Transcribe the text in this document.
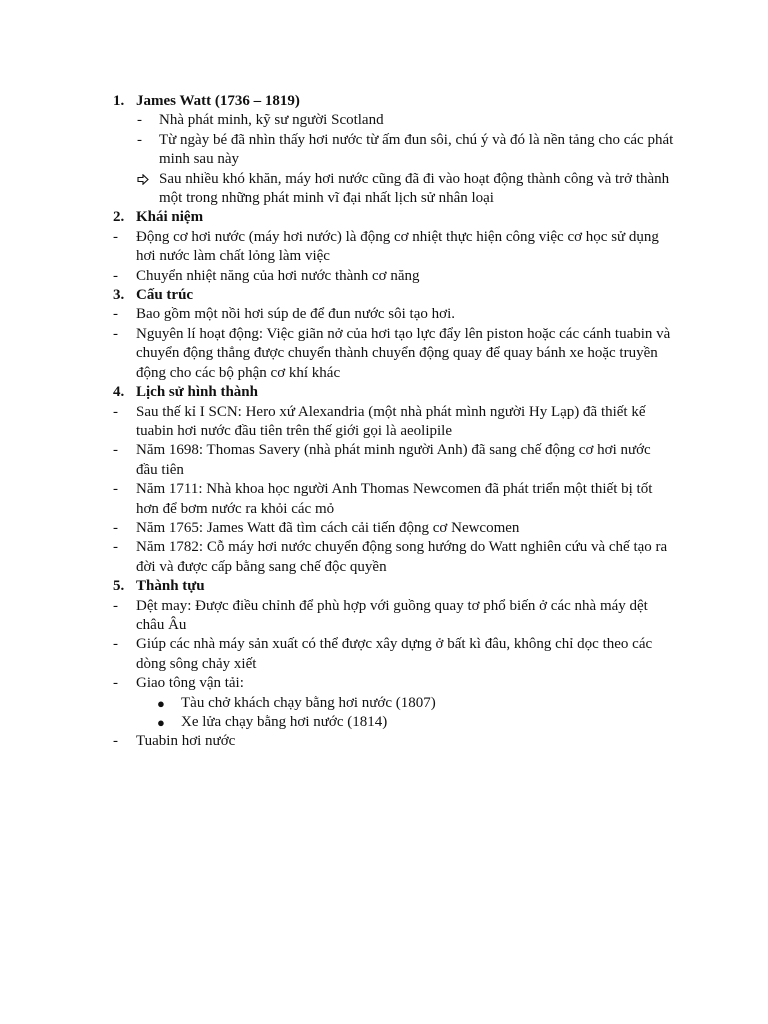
1. James Watt (1736 – 1819)
- Nhà phát minh, kỹ sư người Scotland
- Từ ngày bé đã nhìn thấy hơi nước từ ấm đun sôi, chú ý và đó là nền tảng cho các phát minh sau này
Sau nhiều khó khăn, máy hơi nước cũng đã đi vào hoạt động thành công và trở thành một trong những phát minh vĩ đại nhất lịch sử nhân loại
2. Khái niệm
- Động cơ hơi nước (máy hơi nước) là động cơ nhiệt thực hiện công việc cơ học sử dụng hơi nước làm chất lỏng làm việc
- Chuyển nhiệt năng của hơi nước thành cơ năng
3. Cấu trúc
- Bao gồm một nồi hơi súp de để đun nước sôi tạo hơi.
- Nguyên lí hoạt động: Việc giãn nở của hơi tạo lực đẩy lên piston hoặc các cánh tuabin và chuyển động thẳng được chuyển thành chuyển động quay để quay bánh xe hoặc truyền động cho các bộ phận cơ khí khác
4. Lịch sử hình thành
- Sau thế kỉ I SCN: Hero xứ Alexandria (một nhà phát mình người Hy Lạp) đã thiết kế tuabin hơi nước đầu tiên trên thế giới gọi là aeolipile
- Năm 1698: Thomas Savery (nhà phát minh người Anh) đã sang chế động cơ hơi nước đầu tiên
- Năm 1711: Nhà khoa học người Anh Thomas Newcomen đã phát triển một thiết bị tốt hơn để bơm nước ra khỏi các mỏ
- Năm 1765: James Watt đã tìm cách cải tiến động cơ Newcomen
- Năm 1782: Cỗ máy hơi nước chuyển động song hướng do Watt nghiên cứu và chế tạo ra đời và được cấp bằng sang chế độc quyền
5. Thành tựu
- Dệt may: Được điều chỉnh để phù hợp với guồng quay tơ phổ biến ở các nhà máy dệt châu Âu
- Giúp các nhà máy sản xuất có thể được xây dựng ở bất kì đâu, không chỉ dọc theo các dòng sông chảy xiết
- Giao tông vận tải:
● Tàu chở khách chạy bằng hơi nước (1807)
● Xe lửa chạy bằng hơi nước (1814)
- Tuabin hơi nước
